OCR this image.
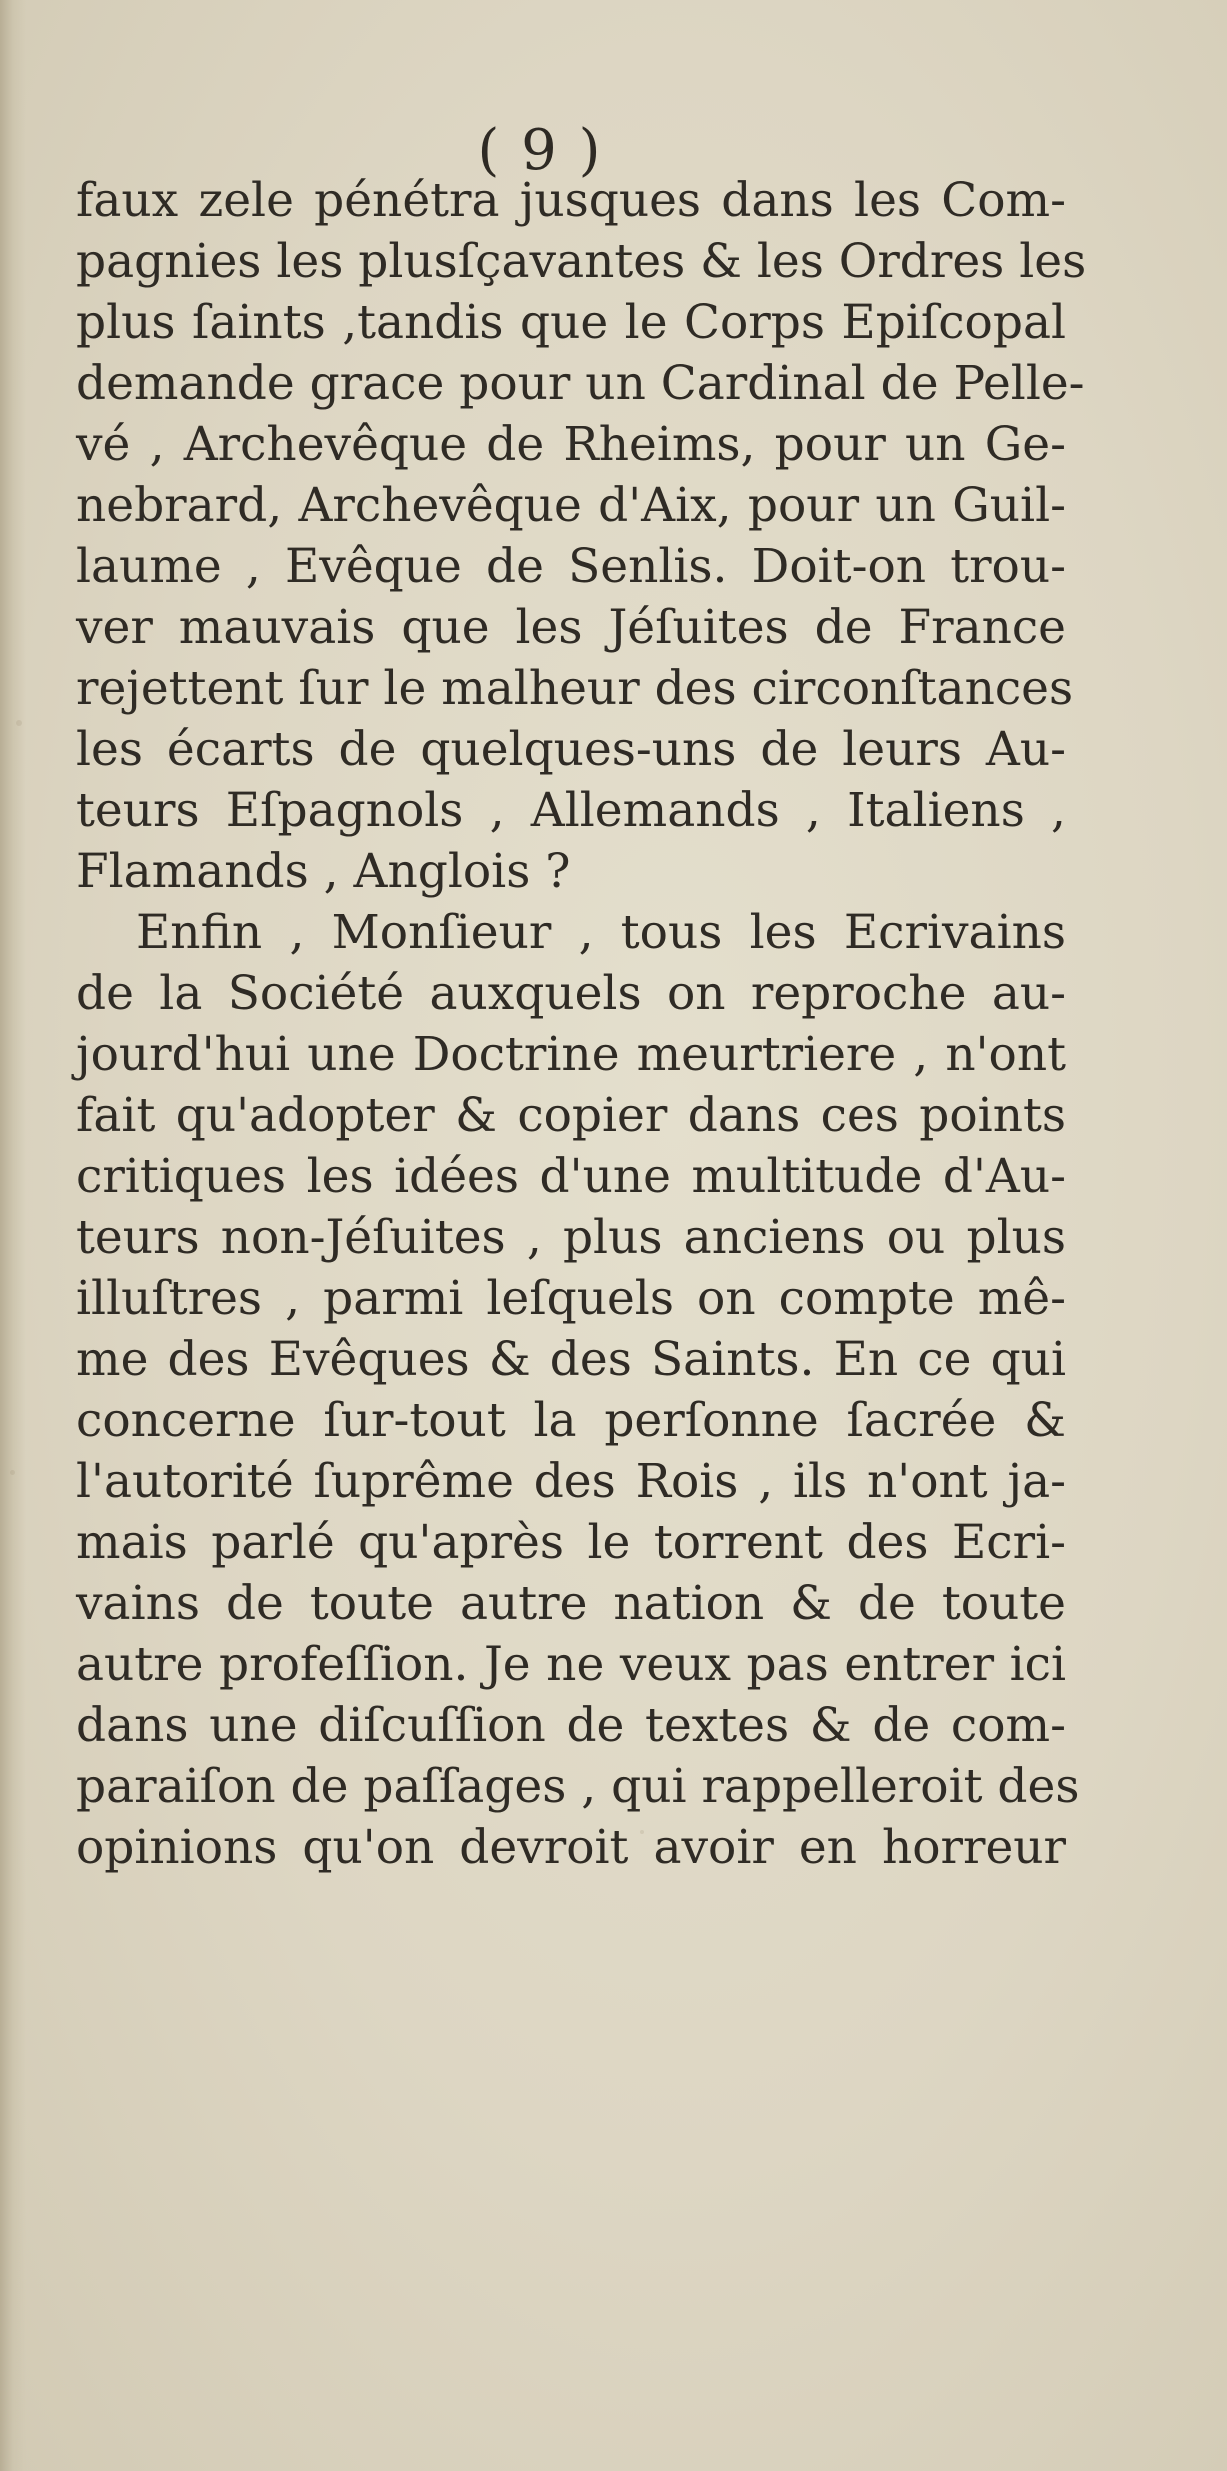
( 9 )
faux zele pénétra jusques dans les Com-
pagnies les plusſçavantes & les Ordres les
plus ſaints ,tandis que le Corps Epiſcopal
demande grace pour un Cardinal de Pelle-
vé , Archevêque de Rheims, pour un Ge-
nebrard, Archevêque d'Aix, pour un Guil-
laume , Evêque de Senlis. Doit-on trou-
ver mauvais que les Jéſuites de France
rejettent ſur le malheur des circonſtances
les écarts de quelques-uns de leurs Au-
teurs Eſpagnols , Allemands , Italiens ,
Flamands , Anglois ?
Enfin , Monſieur , tous les Ecrivains
de la Société auxquels on reproche au-
jourd'hui une Doctrine meurtriere , n'ont
fait qu'adopter & copier dans ces points
critiques les idées d'une multitude d'Au-
teurs non-Jéſuites , plus anciens ou plus
illuſtres , parmi leſquels on compte mê-
me des Evêques & des Saints. En ce qui
concerne ſur-tout la perſonne ſacrée &
l'autorité ſuprême des Rois , ils n'ont ja-
mais parlé qu'après le torrent des Ecri-
vains de toute autre nation & de toute
autre profeſſion. Je ne veux pas entrer ici
dans une diſcuſſion de textes & de com-
paraiſon de paſſages , qui rappelleroit des
opinions qu'on devroit avoir en horreur
